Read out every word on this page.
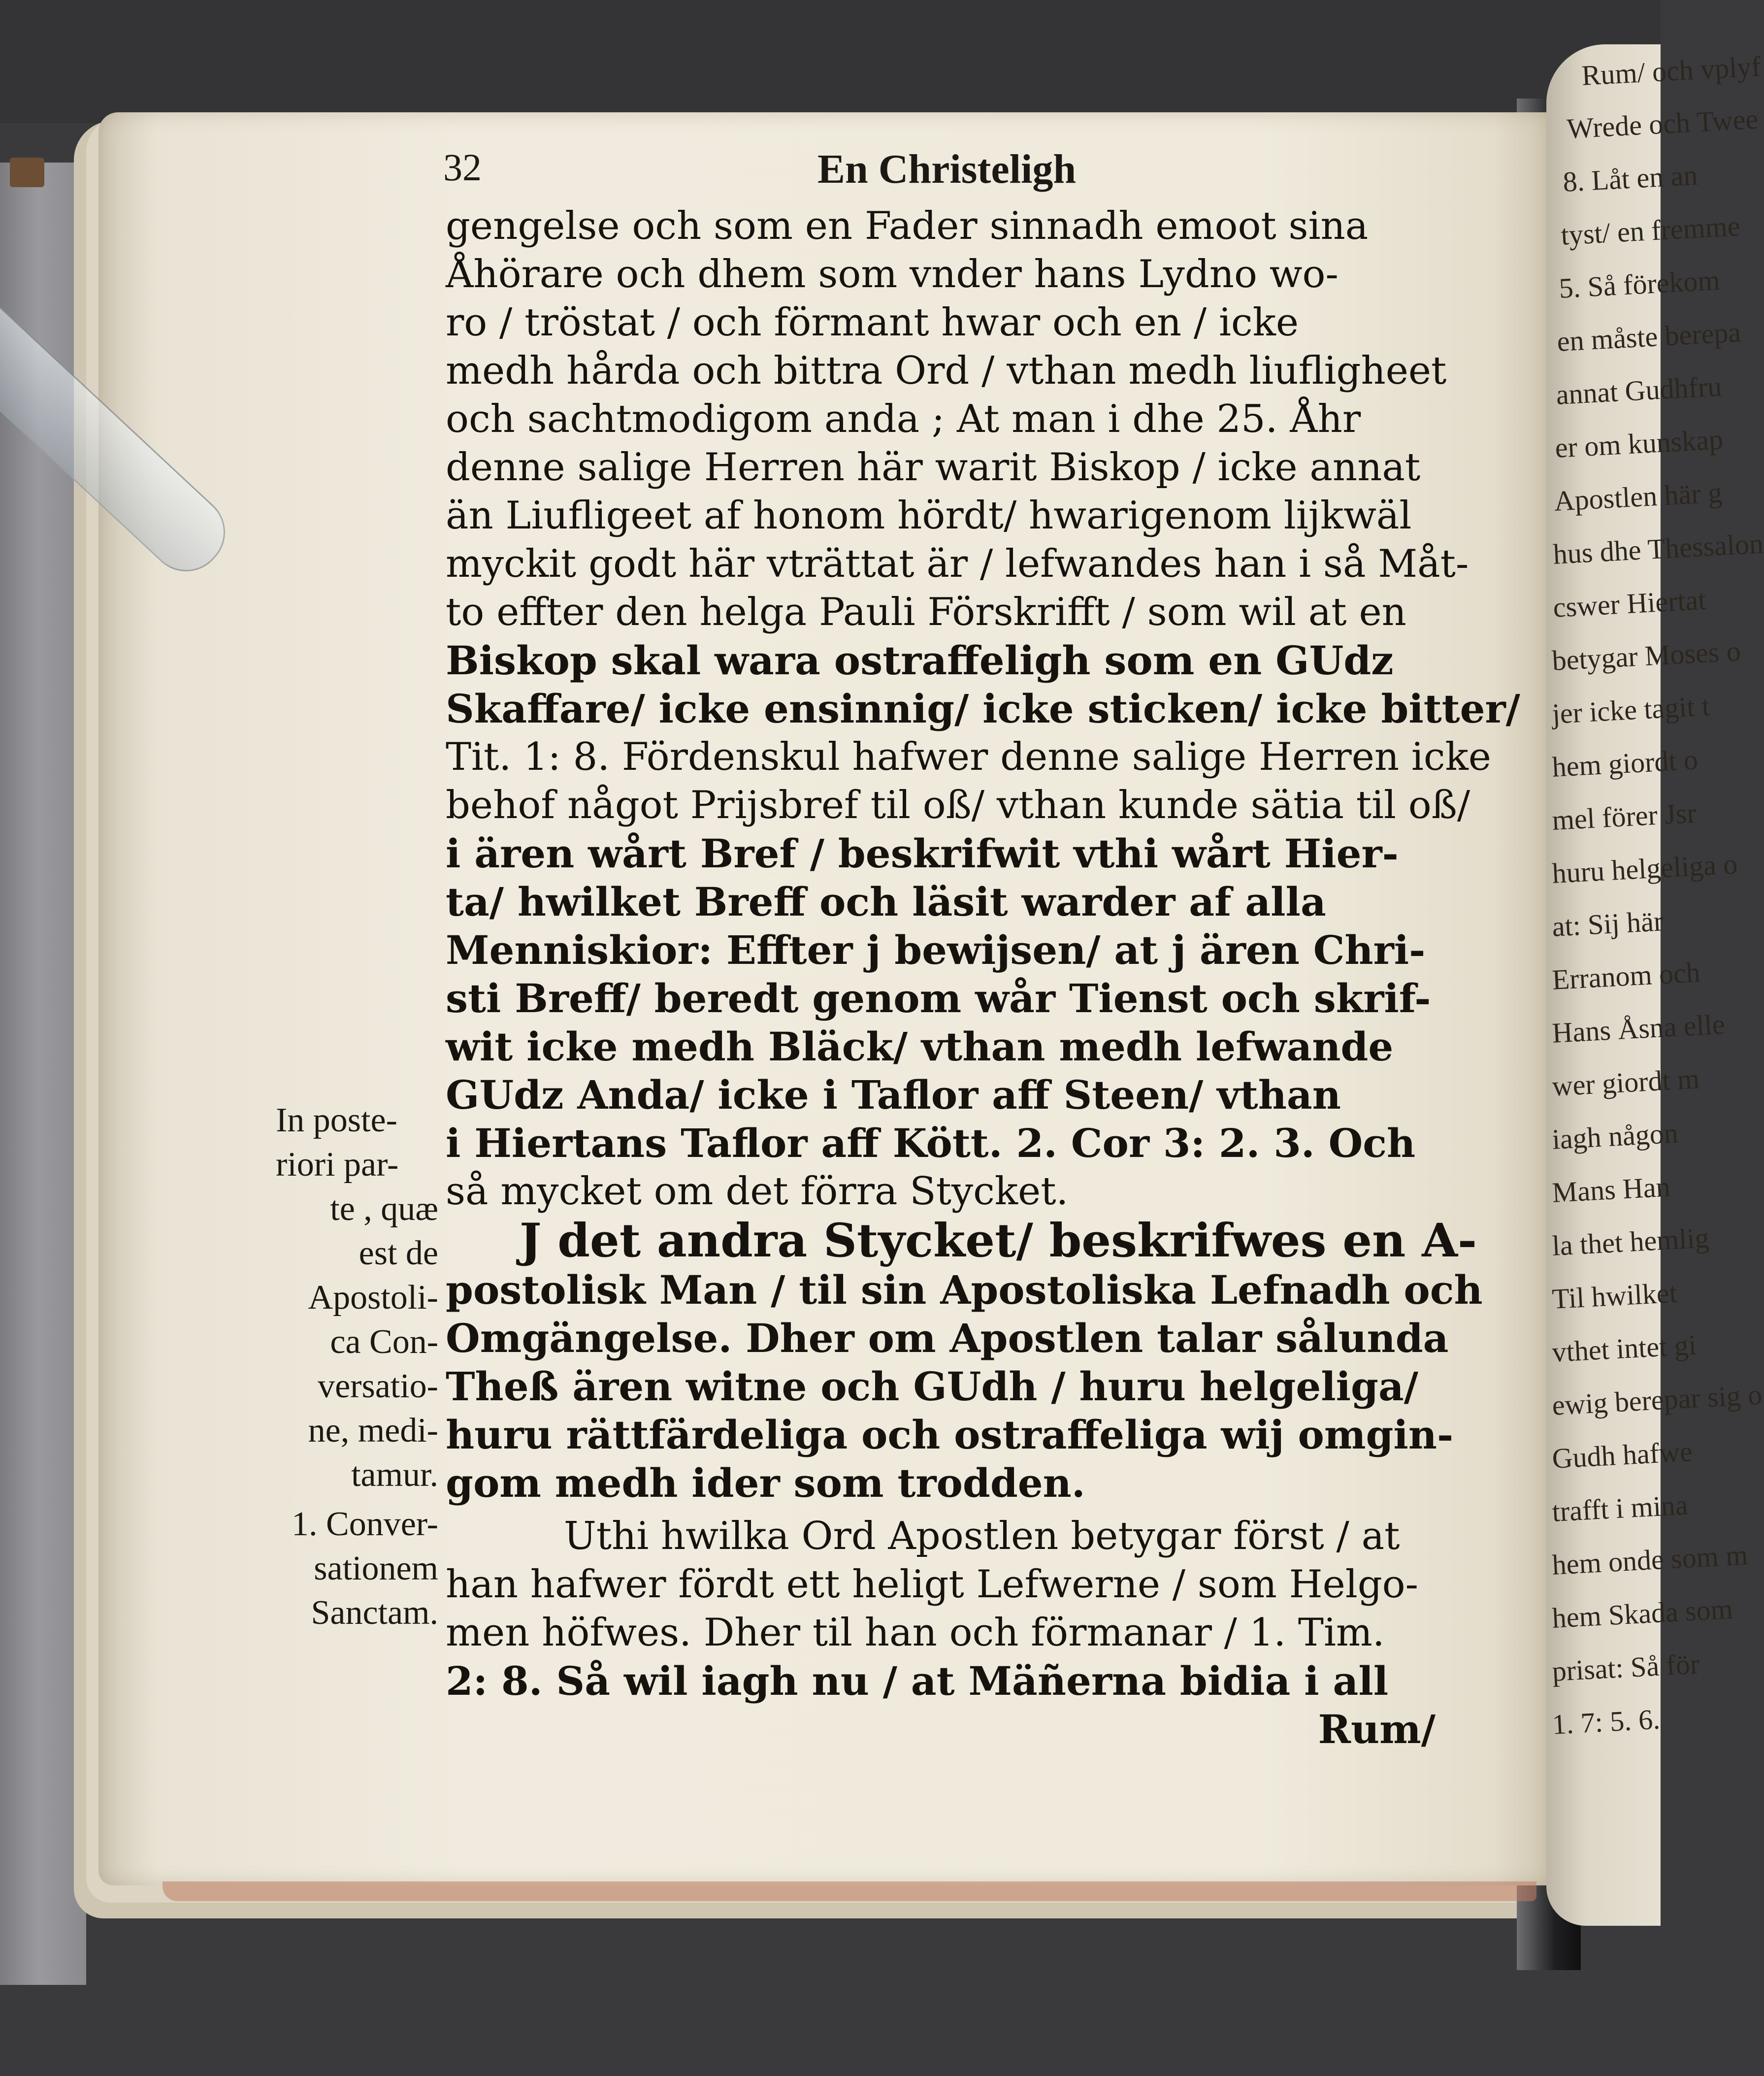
Rum/ och vplyf
Wrede och Twee
8. Låt en an
tyst/ en fremme
5. Så förekom
en måste berepa
annat Gudhfru
er om kunskap
Apostlen här g
hus dhe Thessalon
cswer Hiertat
betygar Moses o
jer icke tagit t
hem giordt o
mel förer Jsr
huru helgeliga o
at: Sij här
Erranom och
Hans Åsna elle
wer giordt m
iagh någon
Mans Han
la thet hemlig
Til hwilket
vthet intet gi
ewig berepar sig o
Gudh hafwe
trafft i mina
hem onde som m
hem Skada som
prisat: Så för
1. 7: 5. 6.
32	En Christeligh
gengelse och som en Fader sinnadh emoot sina
Åhörare och dhem som vnder hans Lydno wo-
ro / tröstat / och förmant hwar och en / icke
medh hårda och bittra Ord / vthan medh liufligheet
och sachtmodigom anda ; At man i dhe 25. Åhr
denne salige Herren här warit Biskop / icke annat
än Liufligeet af honom hördt/ hwarigenom lijkwäl
myckit godt här vträttat är / lefwandes han i så Måt-
to effter den helga Pauli Förskrifft / som wil at en
Biskop skal wara ostraffeligh som en GUdz
Skaffare/ icke ensinnig/ icke sticken/ icke bitter/
Tit. 1: 8. Fördenskul hafwer denne salige Herren icke
behof något Prijsbref til oß/ vthan kunde sätia til oß/
i ären wårt Bref / beskrifwit vthi wårt Hier-
ta/ hwilket Breff och läsit warder af alla
Menniskior: Effter j bewijsen/ at j ären Chri-
sti Breff/ beredt genom wår Tienst och skrif-
wit icke medh Bläck/ vthan medh lefwande
GUdz Anda/ icke i Taflor aff Steen/ vthan
i Hiertans Taflor aff Kött. 2. Cor 3: 2. 3. Och
så mycket om det förra Stycket.
J det andra Stycket/ beskrifwes en A-
postolisk Man / til sin Apostoliska Lefnadh och
Omgängelse. Dher om Apostlen talar sålunda
Theß ären witne och GUdh / huru helgeliga/
huru rättfärdeliga och ostraffeliga wij omgin-
gom medh ider som trodden.
Uthi hwilka Ord Apostlen betygar först / at
han hafwer fördt ett heligt Lefwerne / som Helgo-
men höfwes. Dher til han och förmanar / 1. Tim.
2: 8. Så wil iagh nu / at Mäñerna bidia i all
Rum/
In poste-
riori par-
te , quæ
est de
Apostoli-
ca Con-
versatio-
ne, medi-
tamur.
1. Conver-
sationem
Sanctam.
